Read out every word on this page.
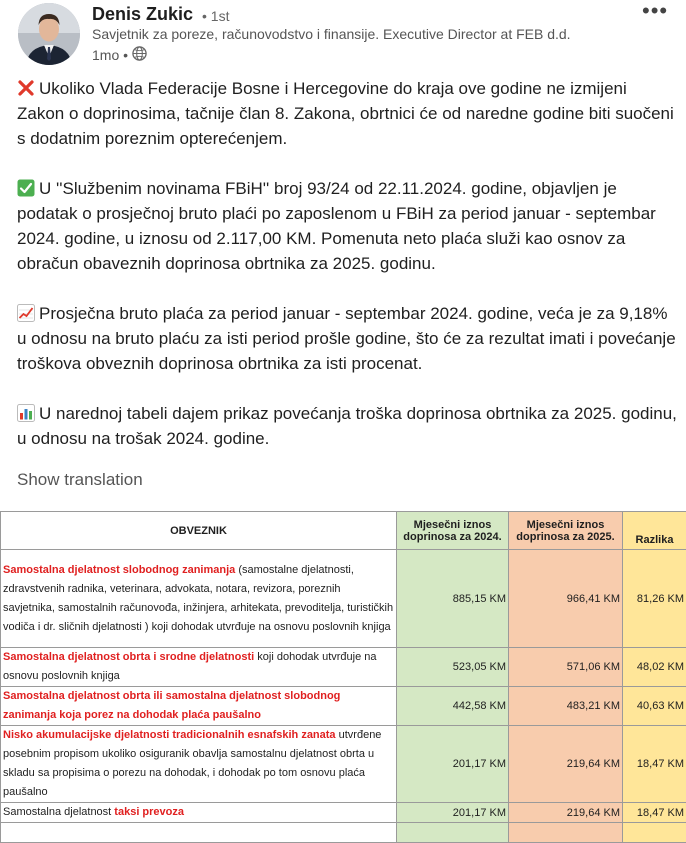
Denis Zukic • 1st
Savjetnik za poreze, računovodstvo i finansije. Executive Director at FEB d.d.
1mo •
•••

Ukoliko Vlada Federacije Bosne i Hercegovine do kraja ove godine ne izmijeni Zakon o doprinosima, tačnije član 8. Zakona, obrtnici će od naredne godine biti suočeni s dodatnim poreznim opterećenjem.

U ''Službenim novinama FBiH'' broj 93/24 od 22.11.2024. godine, objavljen je podatak o prosječnoj bruto plaći po zaposlenom u FBiH za period januar - septembar 2024. godine, u iznosu od 2.117,00 KM. Pomenuta neto plaća služi kao osnov za obračun obaveznih doprinosa obrtnika za 2025. godinu.

Prosječna bruto plaća za period januar - septembar 2024. godine, veća je za 9,18% u odnosu na bruto plaću za isti period prošle godine, što će za rezultat imati i povećanje troškova obveznih doprinosa obrtnika za isti procenat.

U narednoj tabeli dajem prikaz povećanja troška doprinosa obrtnika za 2025. godinu, u odnosu na trošak 2024. godine.

Show translation
OBVEZNIK	Mjesečni iznos doprinosa za 2024.	Mjesečni iznos doprinosa za 2025.	Razlika
Samostalna djelatnost slobodnog zanimanja (samostalne djelatnosti, zdravstvenih radnika, veterinara, advokata, notara, revizora, poreznih savjetnika, samostalnih računovođa, inžinjera, arhitekata, prevoditelja, turističkih vodiča i dr. sličnih djelatnosti ) koji dohodak utvrđuje na osnovu poslovnih knjiga	885,15 KM	966,41 KM	81,26 KM
Samostalna djelatnost obrta i srodne djelatnosti koji dohodak utvrđuje na osnovu poslovnih knjiga	523,05 KM	571,06 KM	48,02 KM
Samostalna djelatnost obrta ili samostalna djelatnost slobodnog zanimanja koja porez na dohodak plaća paušalno	442,58 KM	483,21 KM	40,63 KM
Nisko akumulacijske djelatnosti tradicionalnih esnafskih zanata utvrđene posebnim propisom ukoliko osiguranik obavlja samostalnu djelatnost obrta u skladu sa propisima o porezu na dohodak, i dohodak po tom osnovu plaća paušalno	201,17 KM	219,64 KM	18,47 KM
Samostalna djelatnost taksi prevoza	201,17 KM	219,64 KM	18,47 KM
